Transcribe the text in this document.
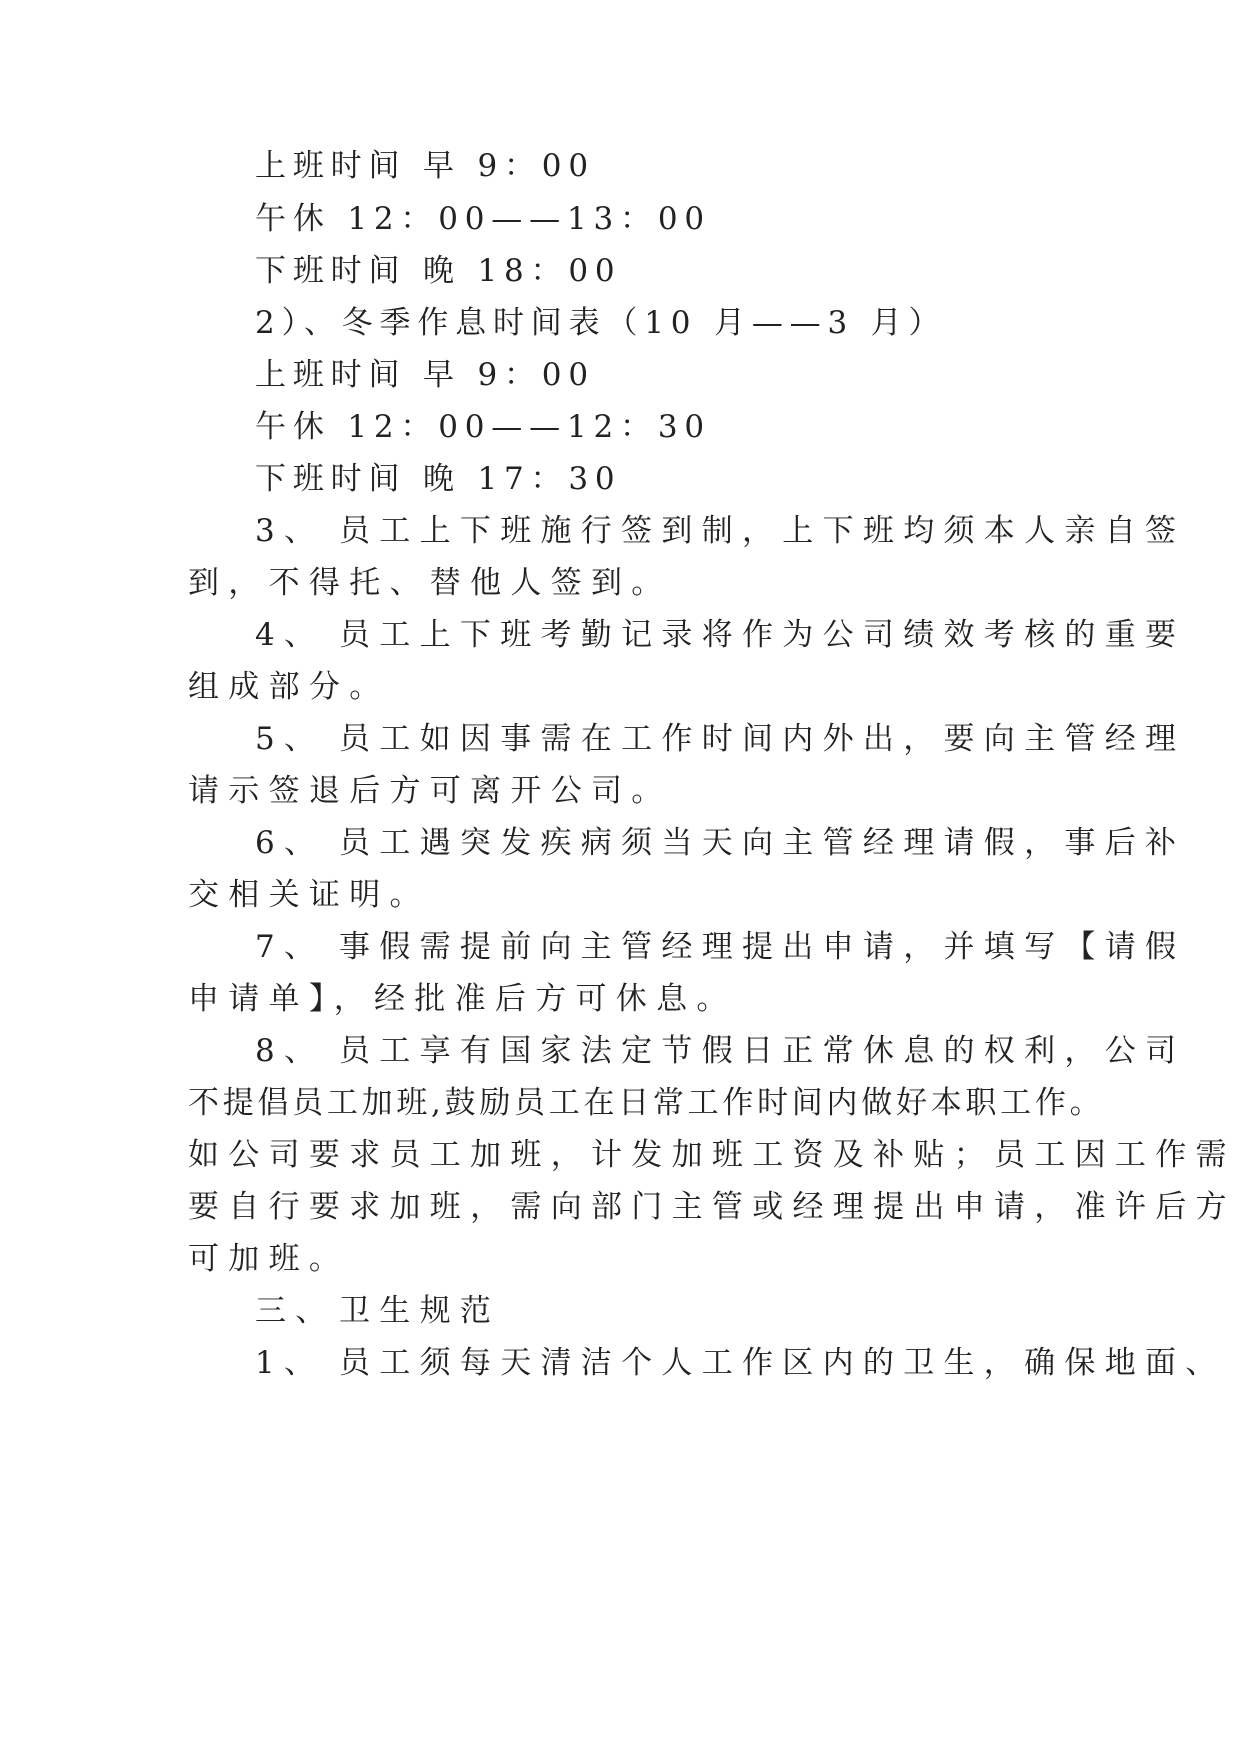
上班时间 早 9：00
午休 12：00——13：00
下班时间 晚 18：00
2）、冬季作息时间表（10 月——3 月）
上班时间 早 9：00
午休 12：00——12：30
下班时间 晚 17：30
3、 员工上下班施行签到制，上下班均须本人亲自签
到，不得托、替他人签到。
4、 员工上下班考勤记录将作为公司绩效考核的重要
组成部分。
5、 员工如因事需在工作时间内外出，要向主管经理
请示签退后方可离开公司。
6、 员工遇突发疾病须当天向主管经理请假，事后补
交相关证明。
7、 事假需提前向主管经理提出申请，并填写【请假
申请单】，经批准后方可休息。
8、 员工享有国家法定节假日正常休息的权利，公司
不提倡员工加班,鼓励员工在日常工作时间内做好本职工作。
如公司要求员工加班，计发加班工资及补贴；员工因工作需
要自行要求加班，需向部门主管或经理提出申请，准许后方
可加班。
三、 卫生规范
1、 员工须每天清洁个人工作区内的卫生，确保地面、
